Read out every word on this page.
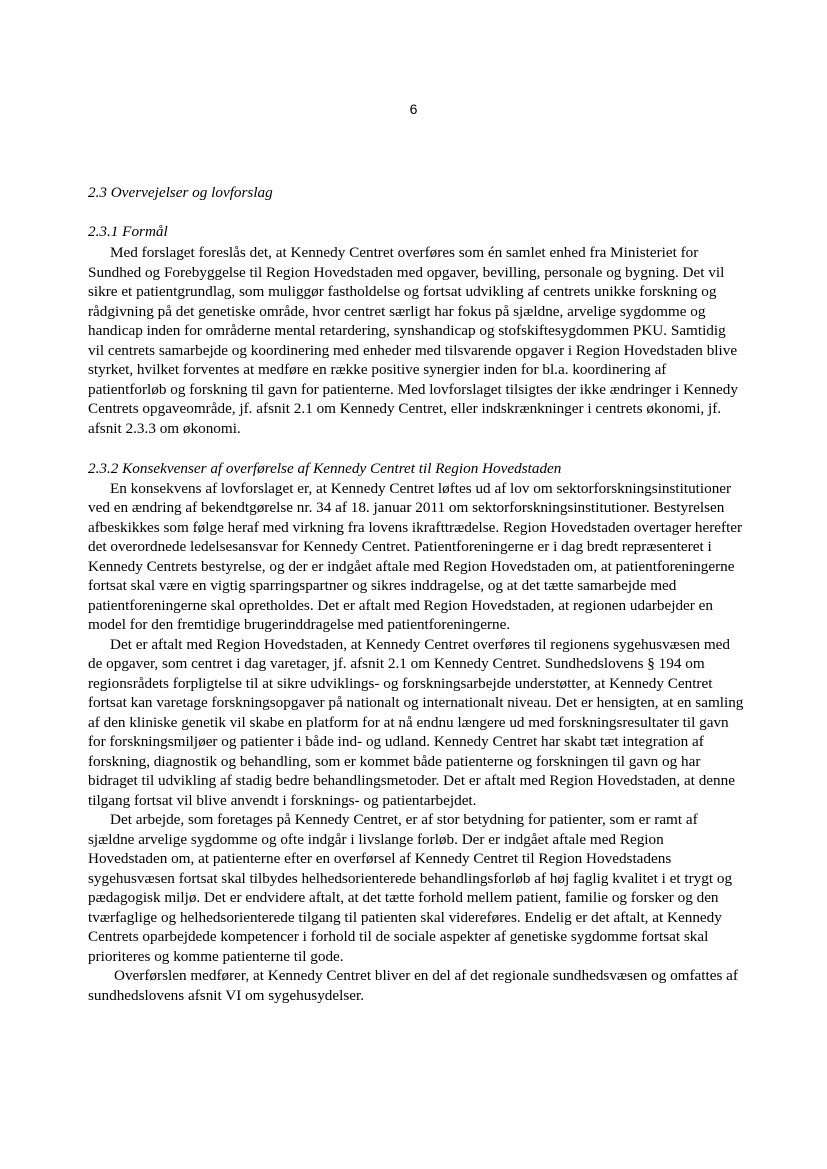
6
2.3 Overvejelser og lovforslag
2.3.1 Formål

Med forslaget foreslås det, at Kennedy Centret overføres som én samlet enhed fra Ministeriet for Sundhed og Forebyggelse til Region Hovedstaden med opgaver, bevilling, personale og bygning. Det vil sikre et patientgrundlag, som muliggør fastholdelse og fortsat udvikling af centrets unikke forskning og rådgivning på det genetiske område, hvor centret særligt har fokus på sjældne, arvelige sygdomme og handicap inden for områderne mental retardering, synshandicap og stofskiftesygdommen PKU. Samtidig vil centrets samarbejde og koordinering med enheder med tilsvarende opgaver i Region Hovedstaden blive styrket, hvilket forventes at medføre en række positive synergier inden for bl.a. koordinering af patientforløb og forskning til gavn for patienterne. Med lovforslaget tilsigtes der ikke ændringer i Kennedy Centrets opgaveområde, jf. afsnit 2.1 om Kennedy Centret, eller indskrænkninger i centrets økonomi, jf. afsnit 2.3.3 om økonomi.

2.3.2 Konsekvenser af overførelse af Kennedy Centret til Region Hovedstaden

En konsekvens af lovforslaget er, at Kennedy Centret løftes ud af lov om sektorforskningsinstitutioner ved en ændring af bekendtgørelse nr. 34 af 18. januar 2011 om sektorforskningsinstitutioner. Bestyrelsen afbeskikkes som følge heraf med virkning fra lovens ikrafttrædelse. Region Hovedstaden overtager herefter det overordnede ledelsesansvar for Kennedy Centret. Patientforeningerne er i dag bredt repræsenteret i Kennedy Centrets bestyrelse, og der er indgået aftale med Region Hovedstaden om, at patientforeningerne fortsat skal være en vigtig sparringspartner og sikres inddragelse, og at det tætte samarbejde med patientforeningerne skal opretholdes. Det er aftalt med Region Hovedstaden, at regionen udarbejder en model for den fremtidige brugerinddragelse med patientforeningerne.

Det er aftalt med Region Hovedstaden, at Kennedy Centret overføres til regionens sygehusvæsen med de opgaver, som centret i dag varetager, jf. afsnit 2.1 om Kennedy Centret. Sundhedslovens § 194 om regionsrådets forpligtelse til at sikre udviklings- og forskningsarbejde understøtter, at Kennedy Centret fortsat kan varetage forskningsopgaver på nationalt og internationalt niveau. Det er hensigten, at en samling af den kliniske genetik vil skabe en platform for at nå endnu længere ud med forskningsresultater til gavn for forskningsmiljøer og patienter i både ind- og udland. Kennedy Centret har skabt tæt integration af forskning, diagnostik og behandling, som er kommet både patienterne og forskningen til gavn og har bidraget til udvikling af stadig bedre behandlingsmetoder. Det er aftalt med Region Hovedstaden, at denne tilgang fortsat vil blive anvendt i forsknings- og patientarbejdet.

Det arbejde, som foretages på Kennedy Centret, er af stor betydning for patienter, som er ramt af sjældne arvelige sygdomme og ofte indgår i livslange forløb. Der er indgået aftale med Region Hovedstaden om, at patienterne efter en overførsel af Kennedy Centret til Region Hovedstadens sygehusvæsen fortsat skal tilbydes helhedsorienterede behandlingsforløb af høj faglig kvalitet i et trygt og pædagogisk miljø. Det er endvidere aftalt, at det tætte forhold mellem patient, familie og forsker og den tværfaglige og helhedsorienterede tilgang til patienten skal videreføres. Endelig er det aftalt, at Kennedy Centrets oparbejdede kompetencer i forhold til de sociale aspekter af genetiske sygdomme fortsat skal prioriteres og komme patienterne til gode.

Overførslen medfører, at Kennedy Centret bliver en del af det regionale sundhedsvæsen og omfattes af sundhedslovens afsnit VI om sygehusydelser.
